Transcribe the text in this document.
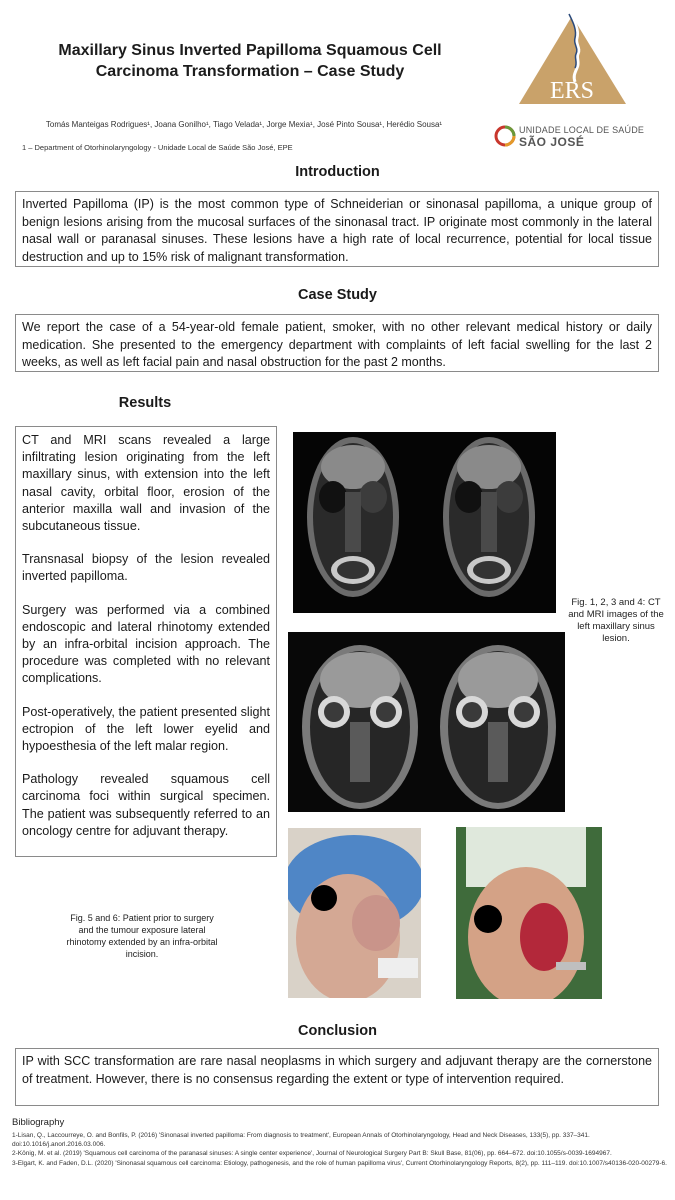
Maxillary Sinus Inverted Papilloma Squamous Cell Carcinoma Transformation – Case Study
ERS
UNIDADE LOCAL DE SAÚDE
SÃO JOSÉ
Tomás Manteigas Rodrigues¹, Joana Gonilho¹, Tiago Velada¹, Jorge Mexia¹, José Pinto Sousa¹, Herédio Sousa¹
1 – Department of Otorhinolaryngology - Unidade Local de Saúde São José, EPE
Introduction

Inverted Papilloma (IP) is the most common type of Schneiderian or sinonasal papilloma, a unique group of benign lesions arising from the mucosal surfaces of the sinonasal tract. IP originate most commonly in the lateral nasal wall or paranasal sinuses. These lesions have a high rate of local recurrence, potential for local tissue destruction and up to 15% risk of malignant transformation.

Case Study

We report the case of a 54-year-old female patient, smoker, with no other relevant medical history or daily medication. She presented to the emergency department with complaints of left facial swelling for the last 2 weeks, as well as left facial pain and nasal obstruction for the past 2 months.

Results

CT and MRI scans revealed a large infiltrating lesion originating from the left maxillary sinus, with extension into the left nasal cavity, orbital floor, erosion of the anterior maxilla wall and invasion of the subcutaneous tissue.

Transnasal biopsy of the lesion revealed inverted papilloma.

Surgery was performed via a combined endoscopic and lateral rhinotomy extended by an infra-orbital incision approach. The procedure was completed with no relevant complications.

Post-operatively, the patient presented slight ectropion of the left lower eyelid and hypoesthesia of the left malar region.

Pathology revealed squamous cell carcinoma foci within surgical specimen. The patient was subsequently referred to an oncology centre for adjuvant therapy.

Fig. 1, 2, 3 and 4: CT and MRI images of the left maxillary sinus lesion.
Fig. 5 and 6: Patient prior to surgery and the tumour exposure lateral rhinotomy extended by an infra-orbital incision.
Conclusion

IP with SCC transformation are rare nasal neoplasms in which surgery and adjuvant therapy are the cornerstone of treatment. However, there is no consensus regarding the extent or type of intervention required.

Bibliography
1-Lisan, Q., Laccourreye, O. and Bonfils, P. (2016) 'Sinonasal inverted papilloma: From diagnosis to treatment', European Annals of Otorhinolaryngology, Head and Neck Diseases, 133(5), pp. 337–341. doi:10.1016/j.anorl.2016.03.006.
2-König, M. et al. (2019) 'Squamous cell carcinoma of the paranasal sinuses: A single center experience', Journal of Neurological Surgery Part B: Skull Base, 81(06), pp. 664–672. doi:10.1055/s-0039-1694967.
3-Elgart, K. and Faden, D.L. (2020) 'Sinonasal squamous cell carcinoma: Etiology, pathogenesis, and the role of human papilloma virus', Current Otorhinolaryngology Reports, 8(2), pp. 111–119. doi:10.1007/s40136-020-00279-6.
